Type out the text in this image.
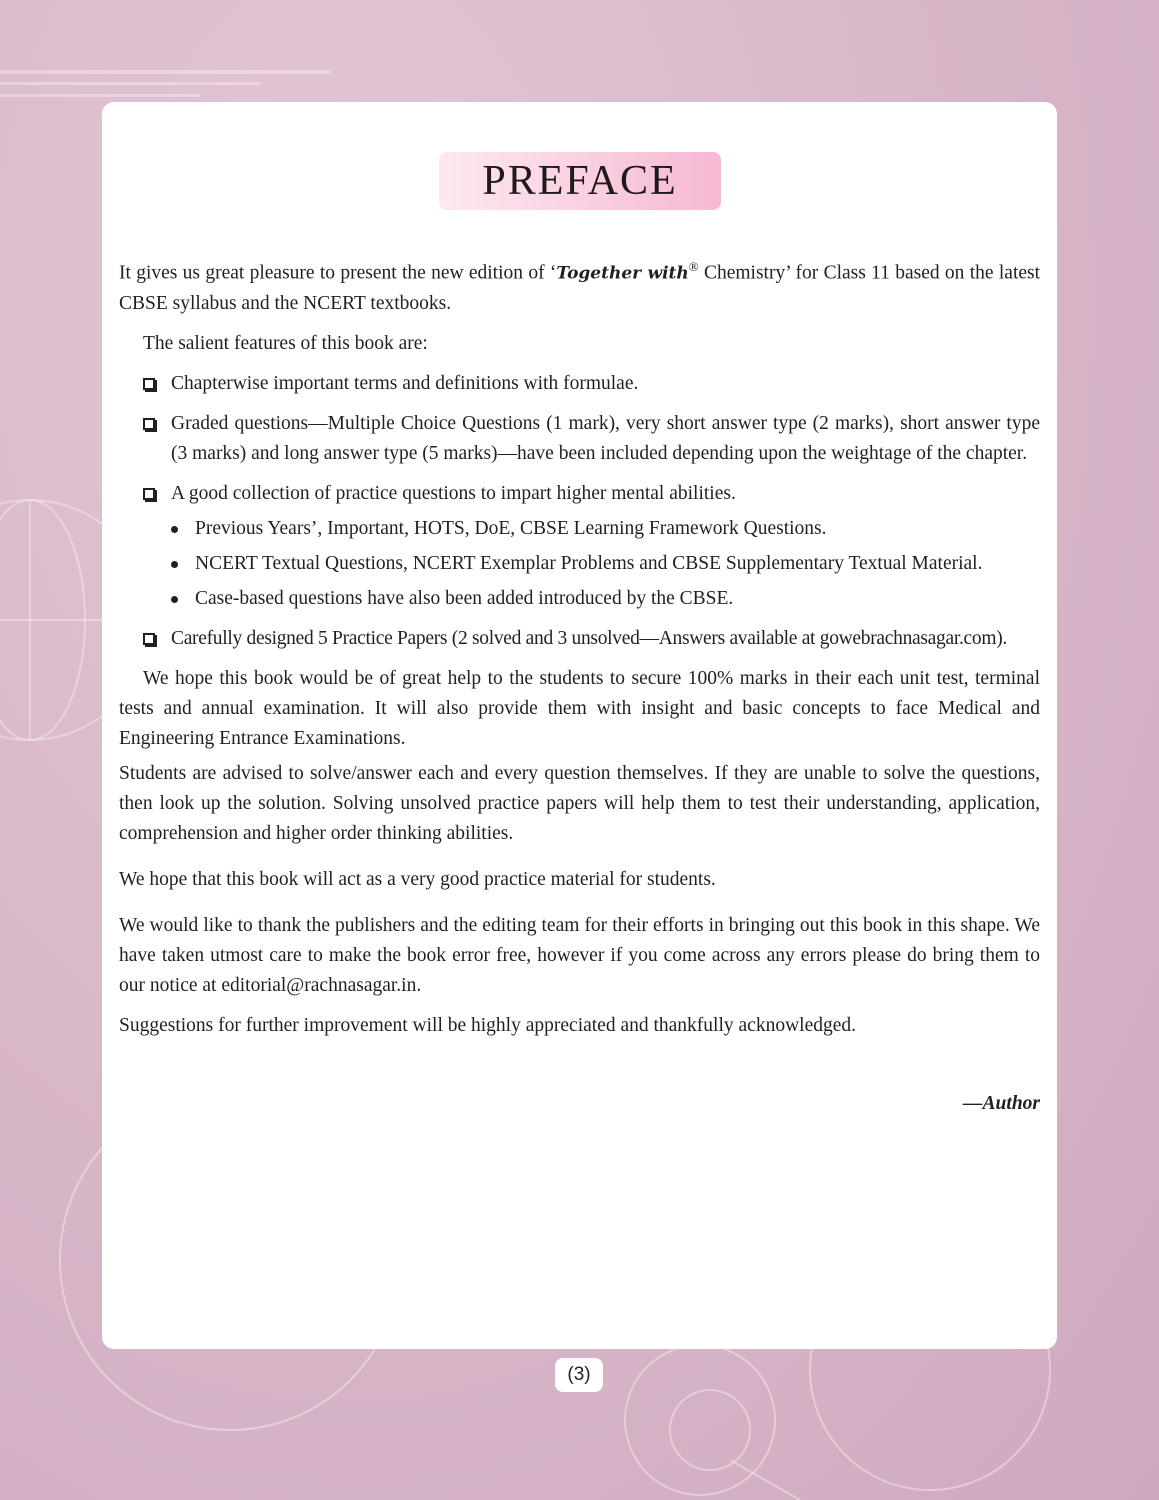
PREFACE

It gives us great pleasure to present the new edition of ‘Together with® Chemistry’ for Class 11 based on the latest CBSE syllabus and the NCERT textbooks.

The salient features of this book are:

Chapterwise important terms and definitions with formulae.
Graded questions—Multiple Choice Questions (1 mark), very short answer type (2 marks), short answer type (3 marks) and long answer type (5 marks)—have been included depending upon the weightage of the chapter.
A good collection of practice questions to impart higher mental abilities.
Previous Years’, Important, HOTS, DoE, CBSE Learning Framework Questions.
NCERT Textual Questions, NCERT Exemplar Problems and CBSE Supplementary Textual Material.
Case-based questions have also been added introduced by the CBSE.
Carefully designed 5 Practice Papers (2 solved and 3 unsolved—Answers available at gowebrachnasagar.com).

We hope this book would be of great help to the students to secure 100% marks in their each unit test, terminal tests and annual examination. It will also provide them with insight and basic concepts to face Medical and Engineering Entrance Examinations.

Students are advised to solve/answer each and every question themselves. If they are unable to solve the questions, then look up the solution. Solving unsolved practice papers will help them to test their understanding, application, comprehension and higher order thinking abilities.

We hope that this book will act as a very good practice material for students.

We would like to thank the publishers and the editing team for their efforts in bringing out this book in this shape. We have taken utmost care to make the book error free, however if you come across any errors please do bring them to our notice at editorial@rachnasagar.in.

Suggestions for further improvement will be highly appreciated and thankfully acknowledged.

—Author

(3)
